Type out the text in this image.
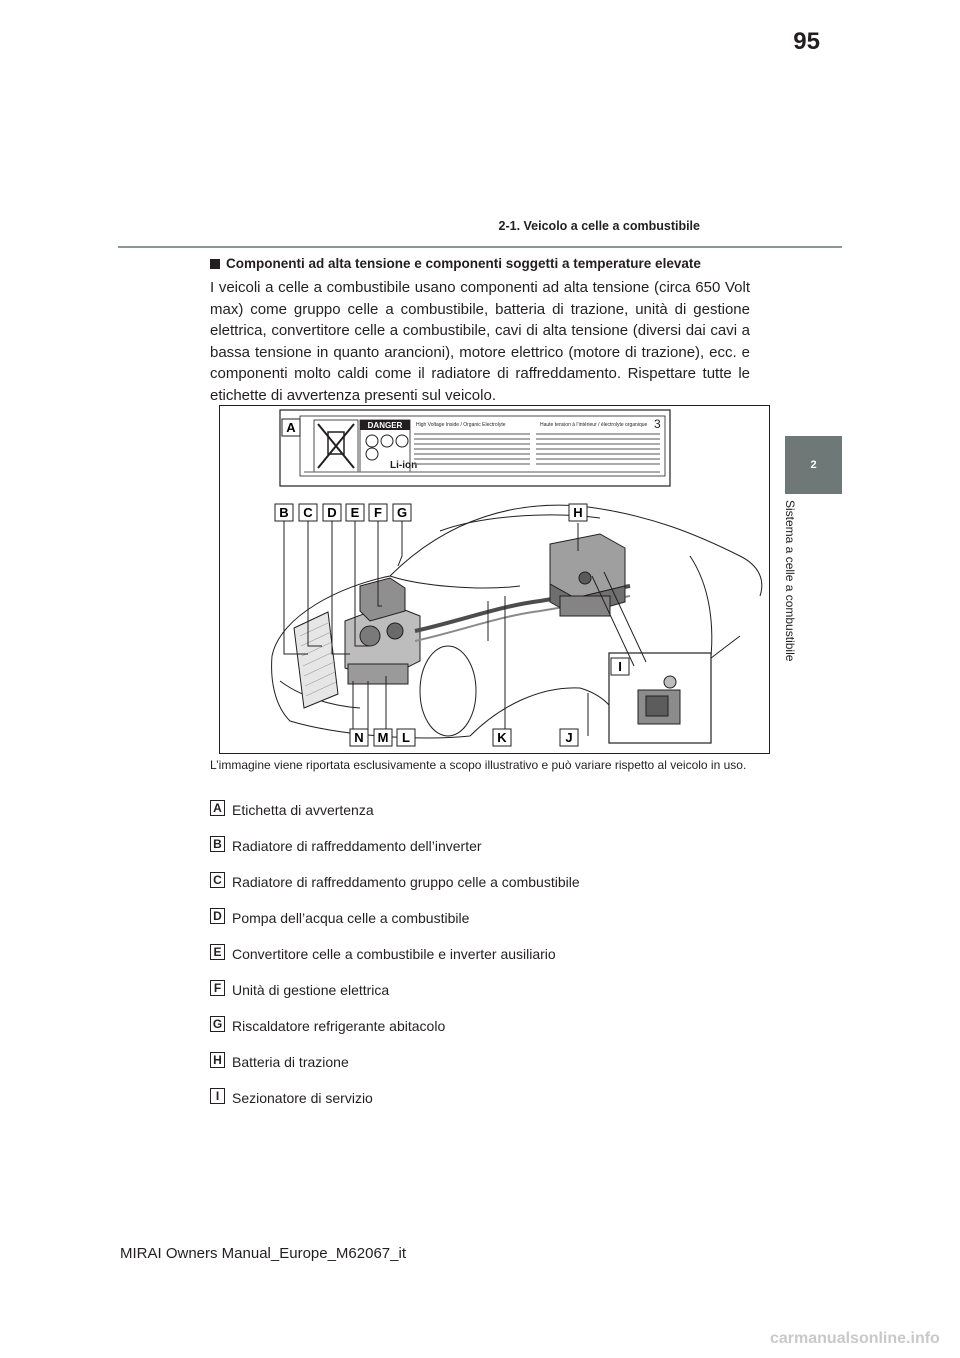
95
2-1. Veicolo a celle a combustibile
2
Sistema a celle a combustibile
Componenti ad alta tensione e componenti soggetti a temperature elevate
I veicoli a celle a combustibile usano componenti ad alta tensione (circa 650 Volt max) come gruppo celle a combustibile, batteria di trazione, unità di gestione elettrica, convertitore celle a combustibile, cavi di alta tensione (diversi dai cavi a bassa tensione in quanto arancioni), motore elettrico (motore di trazione), ecc. e componenti molto caldi come il radiatore di raffreddamento. Rispettare tutte le etichette di avvertenza presenti sul veicolo.
DANGER
Li-ion
High Voltage Inside / Organic Electrolyte	Haute tension à l’intérieur / électrolyte organique 3
A
B C D E F G	H
I
J
K
L
M
N
L’immagine viene riportata esclusivamente a scopo illustrativo e può variare rispetto al veicolo in uso.
A Etichetta di avvertenza
B Radiatore di raffreddamento dell’inverter
C Radiatore di raffreddamento gruppo celle a combustibile
D Pompa dell’acqua celle a combustibile
E Convertitore celle a combustibile e inverter ausiliario
F Unità di gestione elettrica
G Riscaldatore refrigerante abitacolo
H Batteria di trazione
I Sezionatore di servizio
MIRAI Owners Manual_Europe_M62067_it
carmanualsonline.info
